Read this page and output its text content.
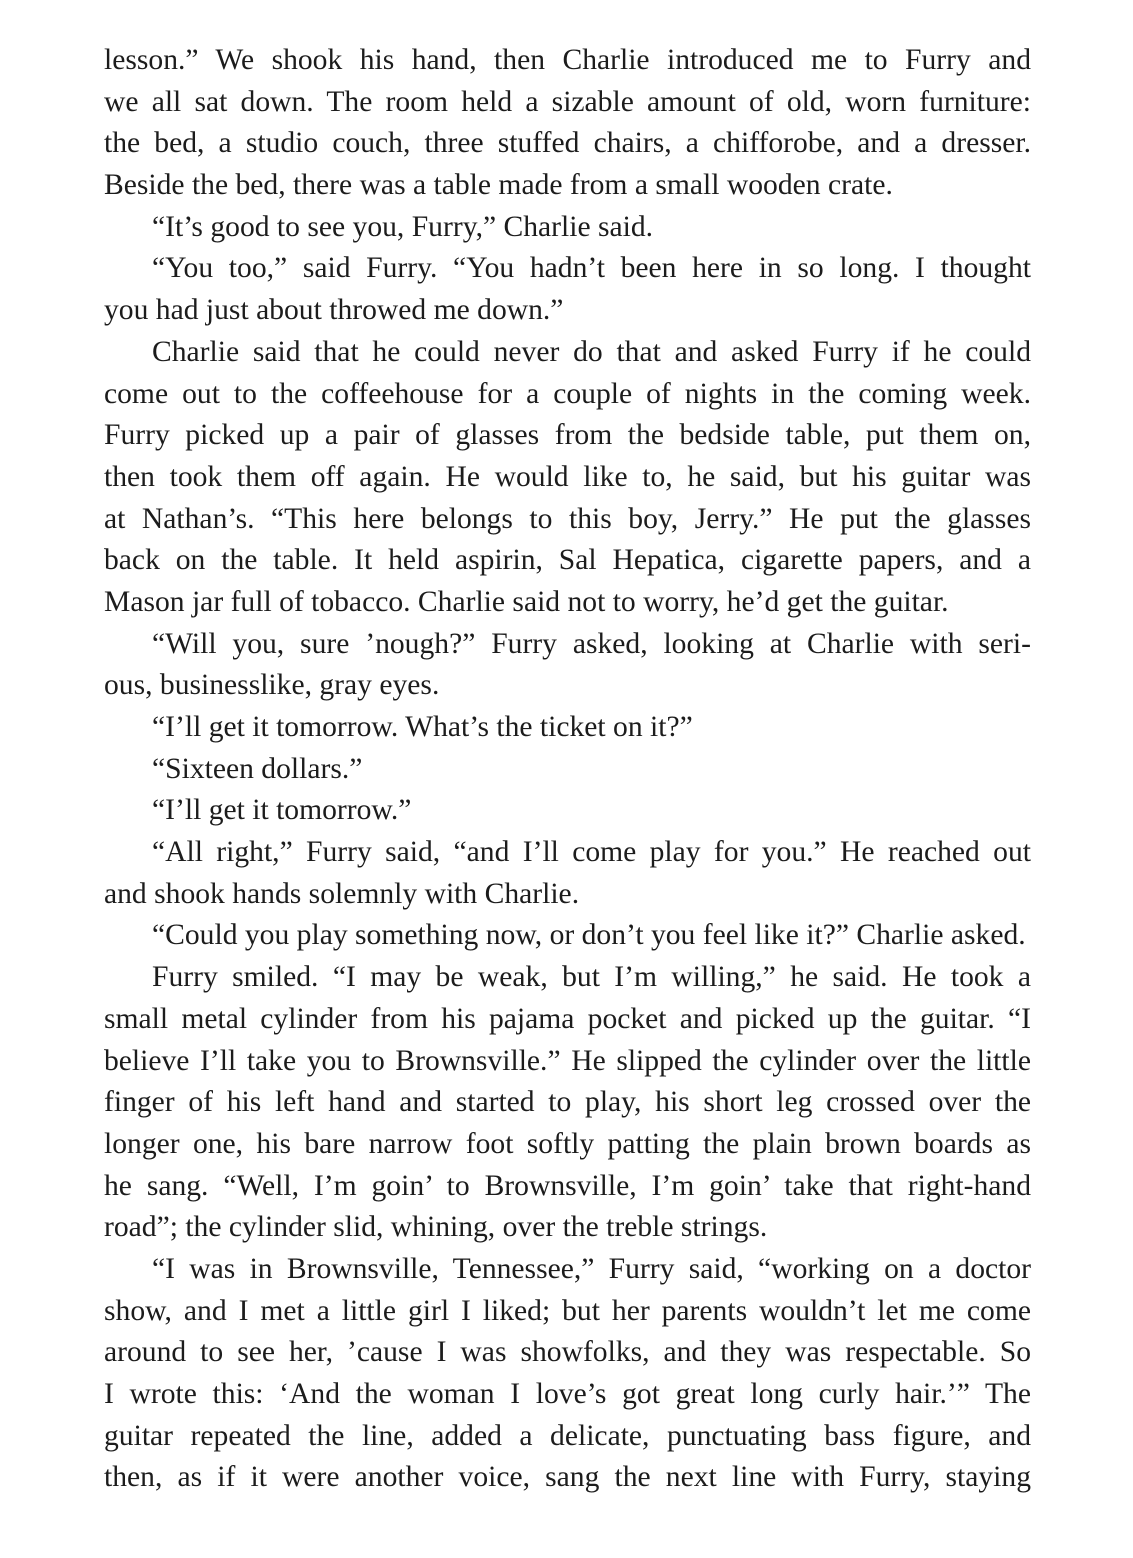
lesson.” We shook his hand, then Charlie introduced me to Furry and
we all sat down. The room held a sizable amount of old, worn furniture:
the bed, a studio couch, three stuffed chairs, a chifforobe, and a dresser.
Beside the bed, there was a table made from a small wooden crate.
“It’s good to see you, Furry,” Charlie said.
“You too,” said Furry. “You hadn’t been here in so long. I thought
you had just about throwed me down.”
Charlie said that he could never do that and asked Furry if he could
come out to the coffeehouse for a couple of nights in the coming week.
Furry picked up a pair of glasses from the bedside table, put them on,
then took them off again. He would like to, he said, but his guitar was
at Nathan’s. “This here belongs to this boy, Jerry.” He put the glasses
back on the table. It held aspirin, Sal Hepatica, cigarette papers, and a
Mason jar full of tobacco. Charlie said not to worry, he’d get the guitar.
“Will you, sure ’nough?” Furry asked, looking at Charlie with seri-
ous, businesslike, gray eyes.
“I’ll get it tomorrow. What’s the ticket on it?”
“Sixteen dollars.”
“I’ll get it tomorrow.”
“All right,” Furry said, “and I’ll come play for you.” He reached out
and shook hands solemnly with Charlie.
“Could you play something now, or don’t you feel like it?” Charlie asked.
Furry smiled. “I may be weak, but I’m willing,” he said. He took a
small metal cylinder from his pajama pocket and picked up the guitar. “I
believe I’ll take you to Brownsville.” He slipped the cylinder over the little
finger of his left hand and started to play, his short leg crossed over the
longer one, his bare narrow foot softly patting the plain brown boards as
he sang. “Well, I’m goin’ to Brownsville, I’m goin’ take that right-hand
road”; the cylinder slid, whining, over the treble strings.
“I was in Brownsville, Tennessee,” Furry said, “working on a doctor
show, and I met a little girl I liked; but her parents wouldn’t let me come
around to see her, ’cause I was showfolks, and they was respectable. So
I wrote this: ‘And the woman I love’s got great long curly hair.’” The
guitar repeated the line, added a delicate, punctuating bass figure, and
then, as if it were another voice, sang the next line with Furry, staying
